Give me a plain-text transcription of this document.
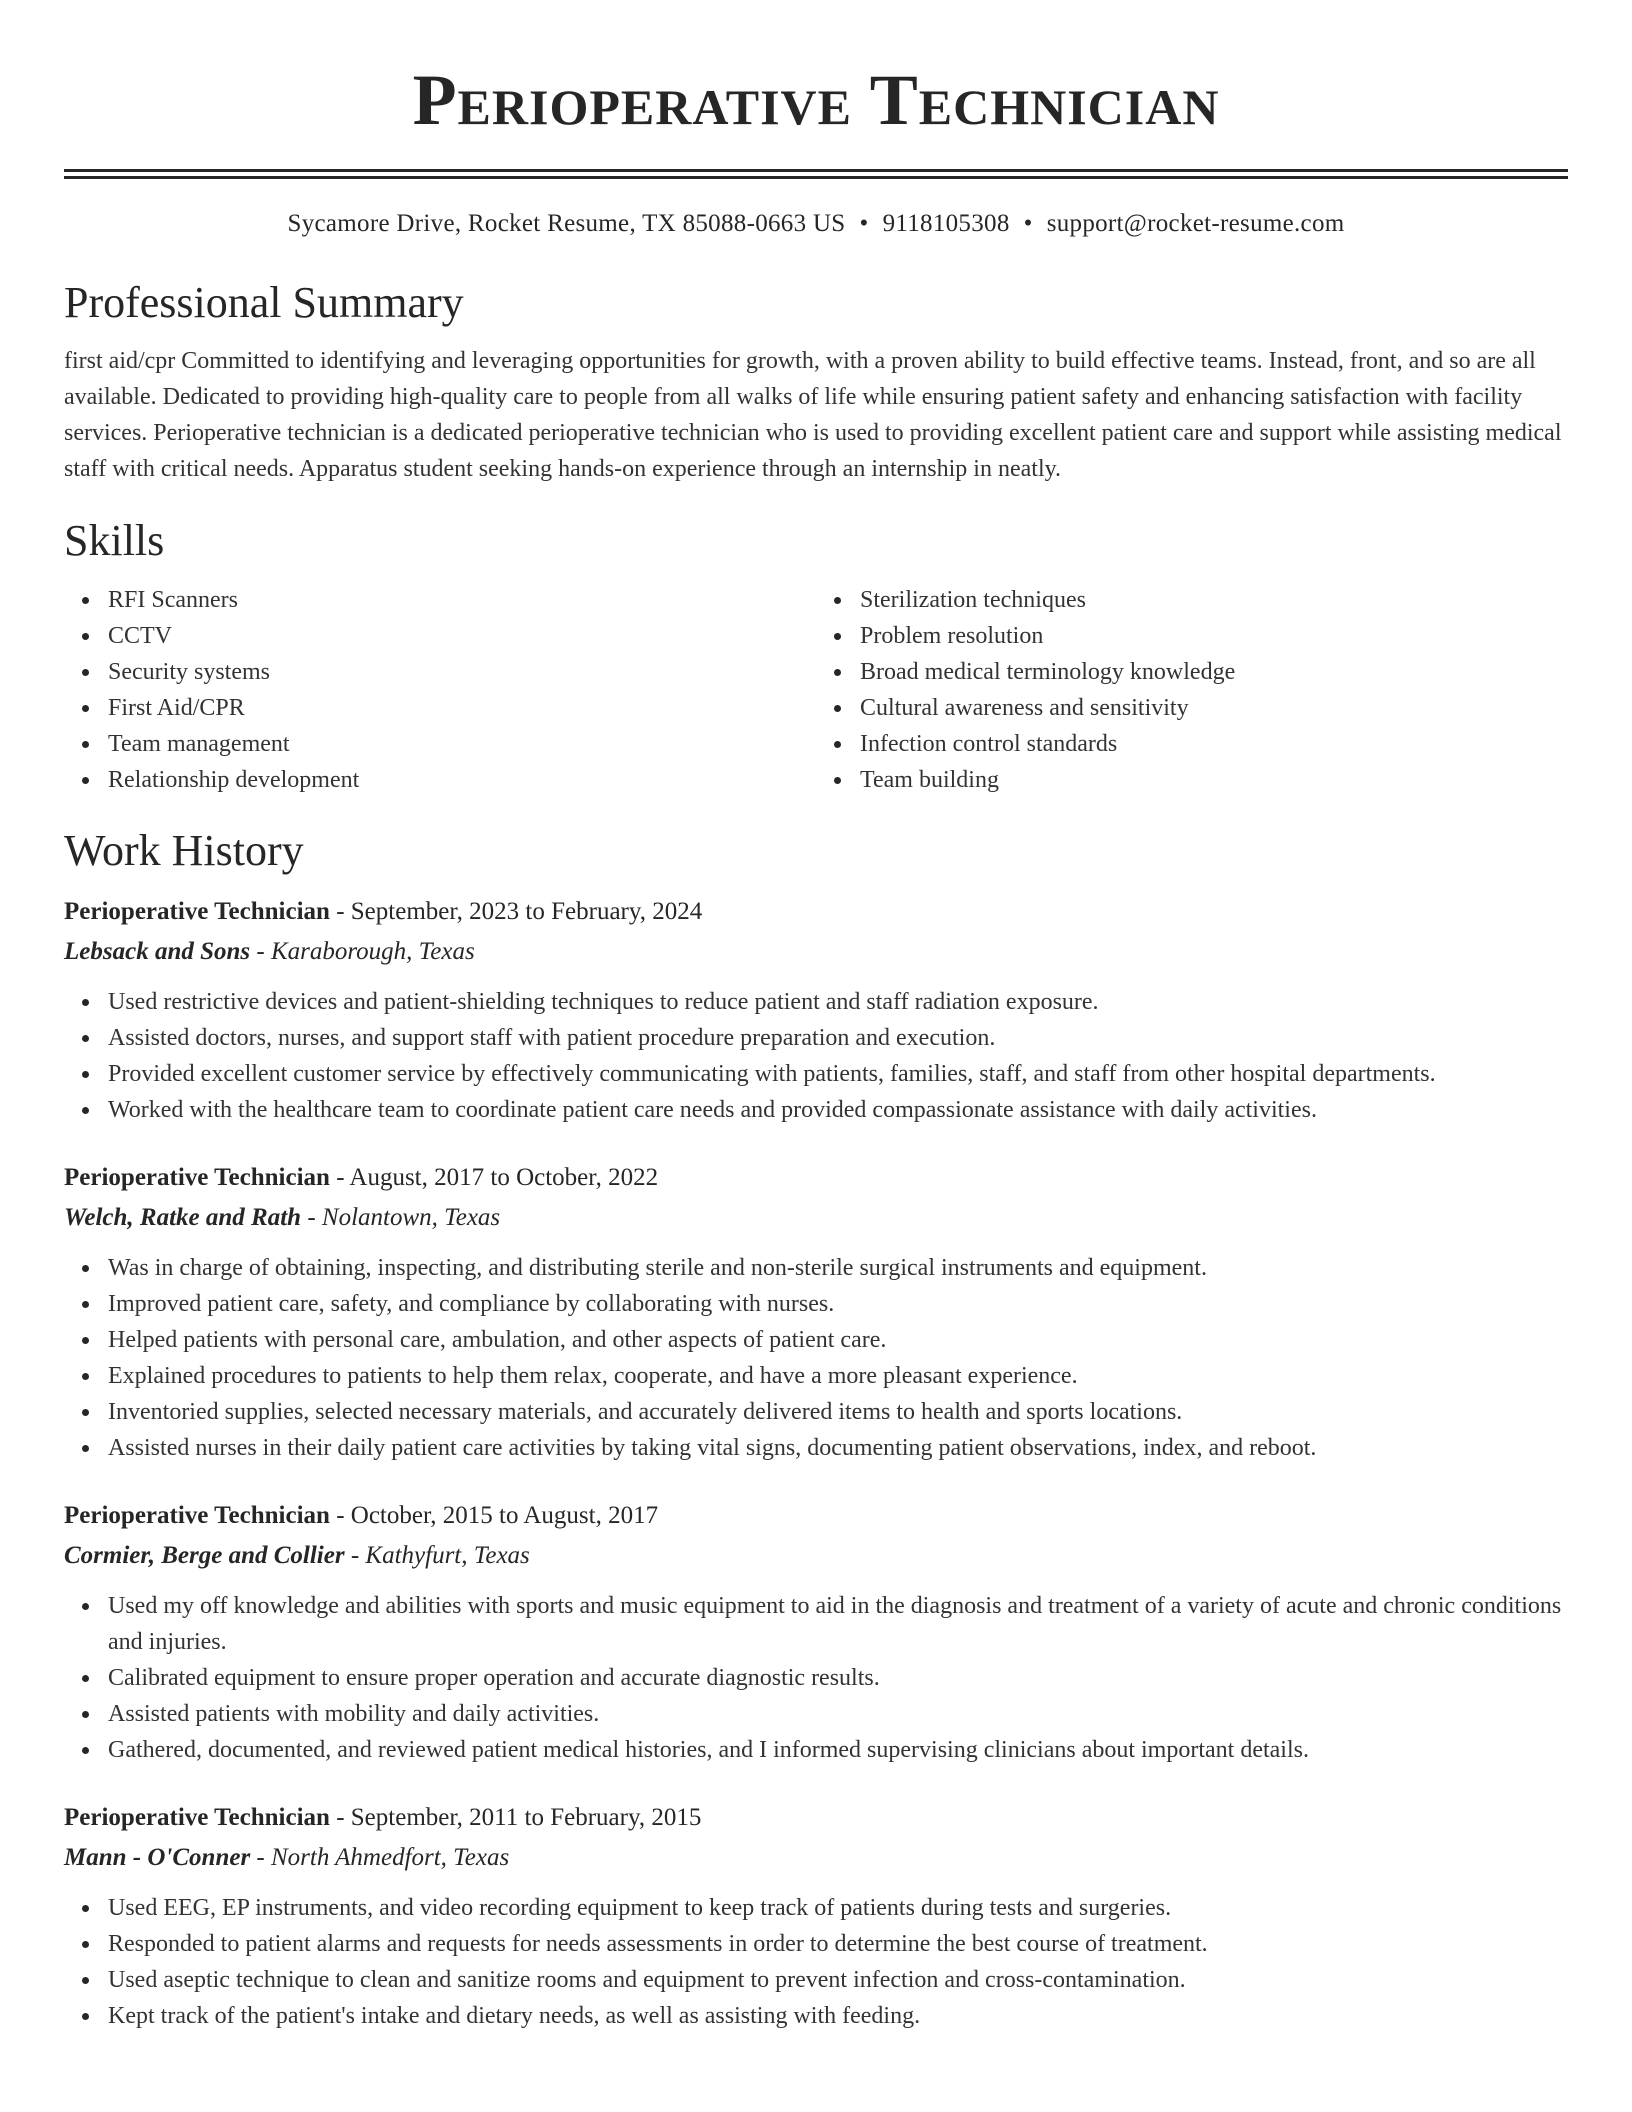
Perioperative Technician
Sycamore Drive, Rocket Resume, TX 85088-0663 US • 9118105308 • support@rocket-resume.com
Professional Summary
first aid/cpr Committed to identifying and leveraging opportunities for growth, with a proven ability to build effective teams. Instead, front, and so are all available. Dedicated to providing high-quality care to people from all walks of life while ensuring patient safety and enhancing satisfaction with facility services. Perioperative technician is a dedicated perioperative technician who is used to providing excellent patient care and support while assisting medical staff with critical needs. Apparatus student seeking hands-on experience through an internship in neatly.
Skills
RFI Scanners
CCTV
Security systems
First Aid/CPR
Team management
Relationship development
Sterilization techniques
Problem resolution
Broad medical terminology knowledge
Cultural awareness and sensitivity
Infection control standards
Team building
Work History
Perioperative Technician - September, 2023 to February, 2024
Lebsack and Sons - Karaborough, Texas
Used restrictive devices and patient-shielding techniques to reduce patient and staff radiation exposure.
Assisted doctors, nurses, and support staff with patient procedure preparation and execution.
Provided excellent customer service by effectively communicating with patients, families, staff, and staff from other hospital departments.
Worked with the healthcare team to coordinate patient care needs and provided compassionate assistance with daily activities.
Perioperative Technician - August, 2017 to October, 2022
Welch, Ratke and Rath - Nolantown, Texas
Was in charge of obtaining, inspecting, and distributing sterile and non-sterile surgical instruments and equipment.
Improved patient care, safety, and compliance by collaborating with nurses.
Helped patients with personal care, ambulation, and other aspects of patient care.
Explained procedures to patients to help them relax, cooperate, and have a more pleasant experience.
Inventoried supplies, selected necessary materials, and accurately delivered items to health and sports locations.
Assisted nurses in their daily patient care activities by taking vital signs, documenting patient observations, index, and reboot.
Perioperative Technician - October, 2015 to August, 2017
Cormier, Berge and Collier - Kathyfurt, Texas
Used my off knowledge and abilities with sports and music equipment to aid in the diagnosis and treatment of a variety of acute and chronic conditions and injuries.
Calibrated equipment to ensure proper operation and accurate diagnostic results.
Assisted patients with mobility and daily activities.
Gathered, documented, and reviewed patient medical histories, and I informed supervising clinicians about important details.
Perioperative Technician - September, 2011 to February, 2015
Mann - O'Conner - North Ahmedfort, Texas
Used EEG, EP instruments, and video recording equipment to keep track of patients during tests and surgeries.
Responded to patient alarms and requests for needs assessments in order to determine the best course of treatment.
Used aseptic technique to clean and sanitize rooms and equipment to prevent infection and cross-contamination.
Kept track of the patient's intake and dietary needs, as well as assisting with feeding.
